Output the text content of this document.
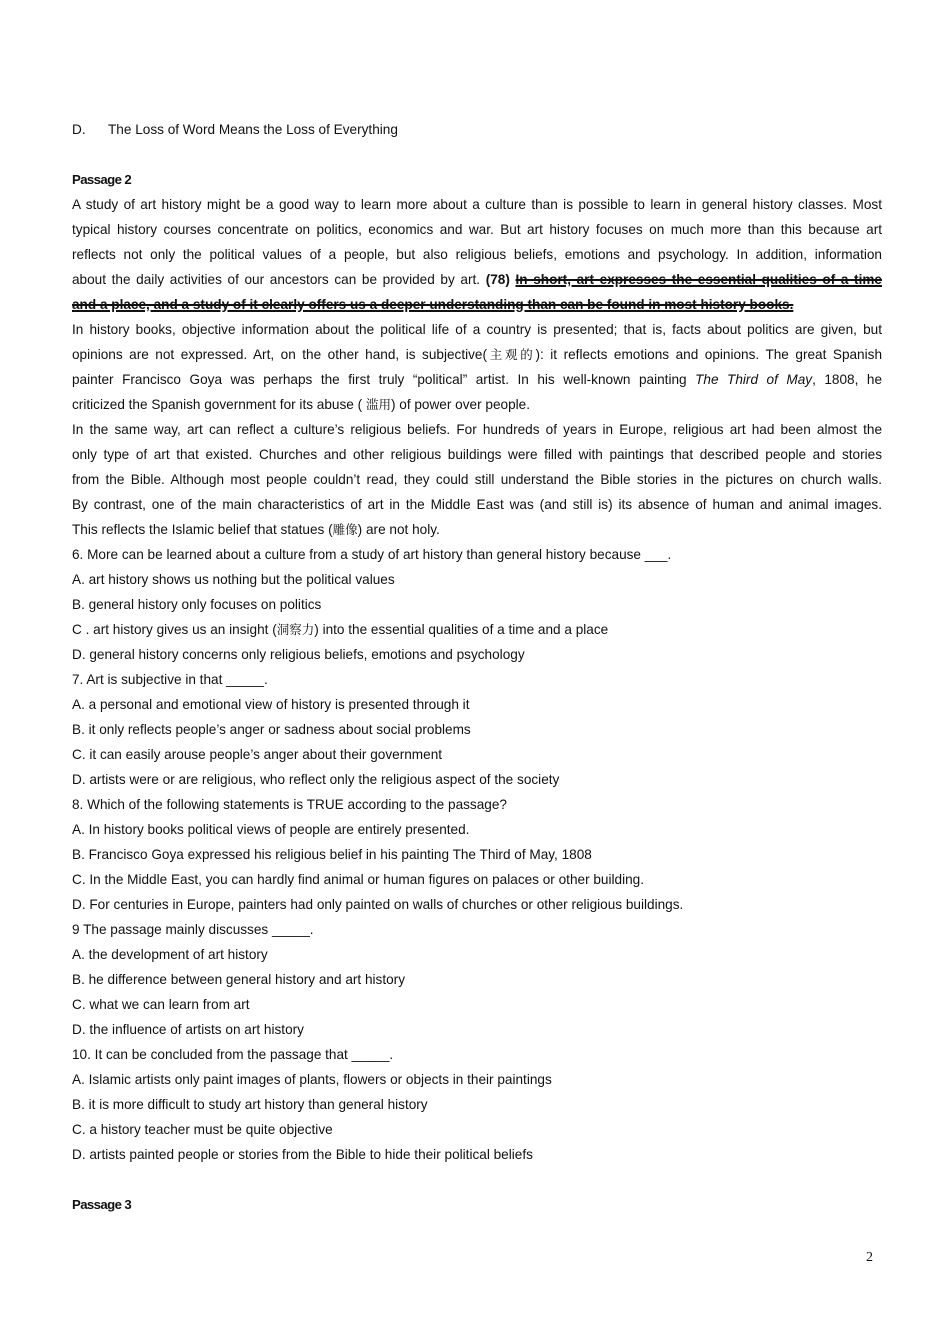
D. The Loss of Word Means the Loss of Everything
Passage 2
A study of art history might be a good way to learn more about a culture than is possible to learn in general history classes. Most
typical history courses concentrate on politics, economics and war. But art history focuses on much more than this because art
reflects not only the political values of a people, but also religious beliefs, emotions and psychology. In addition, information
about the daily activities of our ancestors can be provided by art. (78) In short, art expresses the essential qualities of a time
and a place, and a study of it clearly offers us a deeper understanding than can be found in most history books.
In history books, objective information about the political life of a country is presented; that is, facts about politics are given, but
opinions are not expressed. Art, on the other hand, is subjective(主观的): it reflects emotions and opinions. The great Spanish
painter Francisco Goya was perhaps the first truly “political” artist. In his well-known painting The Third of May, 1808, he
criticized the Spanish government for its abuse ( 滥用) of power over people.
In the same way, art can reflect a culture’s religious beliefs. For hundreds of years in Europe, religious art had been almost the
only type of art that existed. Churches and other religious buildings were filled with paintings that described people and stories
from the Bible. Although most people couldn’t read, they could still understand the Bible stories in the pictures on church walls.
By contrast, one of the main characteristics of art in the Middle East was (and still is) its absence of human and animal images.
This reflects the Islamic belief that statues (雕像) are not holy.
6. More can be learned about a culture from a study of art history than general history because ___.
A. art history shows us nothing but the political values
B. general history only focuses on politics
C . art history gives us an insight (洞察力) into the essential qualities of a time and a place
D. general history concerns only religious beliefs, emotions and psychology
7. Art is subjective in that _____.
A. a personal and emotional view of history is presented through it
B. it only reflects people’s anger or sadness about social problems
C. it can easily arouse people’s anger about their government
D. artists were or are religious, who reflect only the religious aspect of the society
8. Which of the following statements is TRUE according to the passage?
A. In history books political views of people are entirely presented.
B. Francisco Goya expressed his religious belief in his painting The Third of May, 1808
C. In the Middle East, you can hardly find animal or human figures on palaces or other building.
D. For centuries in Europe, painters had only painted on walls of churches or other religious buildings.
9 The passage mainly discusses _____.
A. the development of art history
B. he difference between general history and art history
C. what we can learn from art
D. the influence of artists on art history
10. It can be concluded from the passage that _____.
A. Islamic artists only paint images of plants, flowers or objects in their paintings
B. it is more difficult to study art history than general history
C. a history teacher must be quite objective
D. artists painted people or stories from the Bible to hide their political beliefs
Passage 3
2
